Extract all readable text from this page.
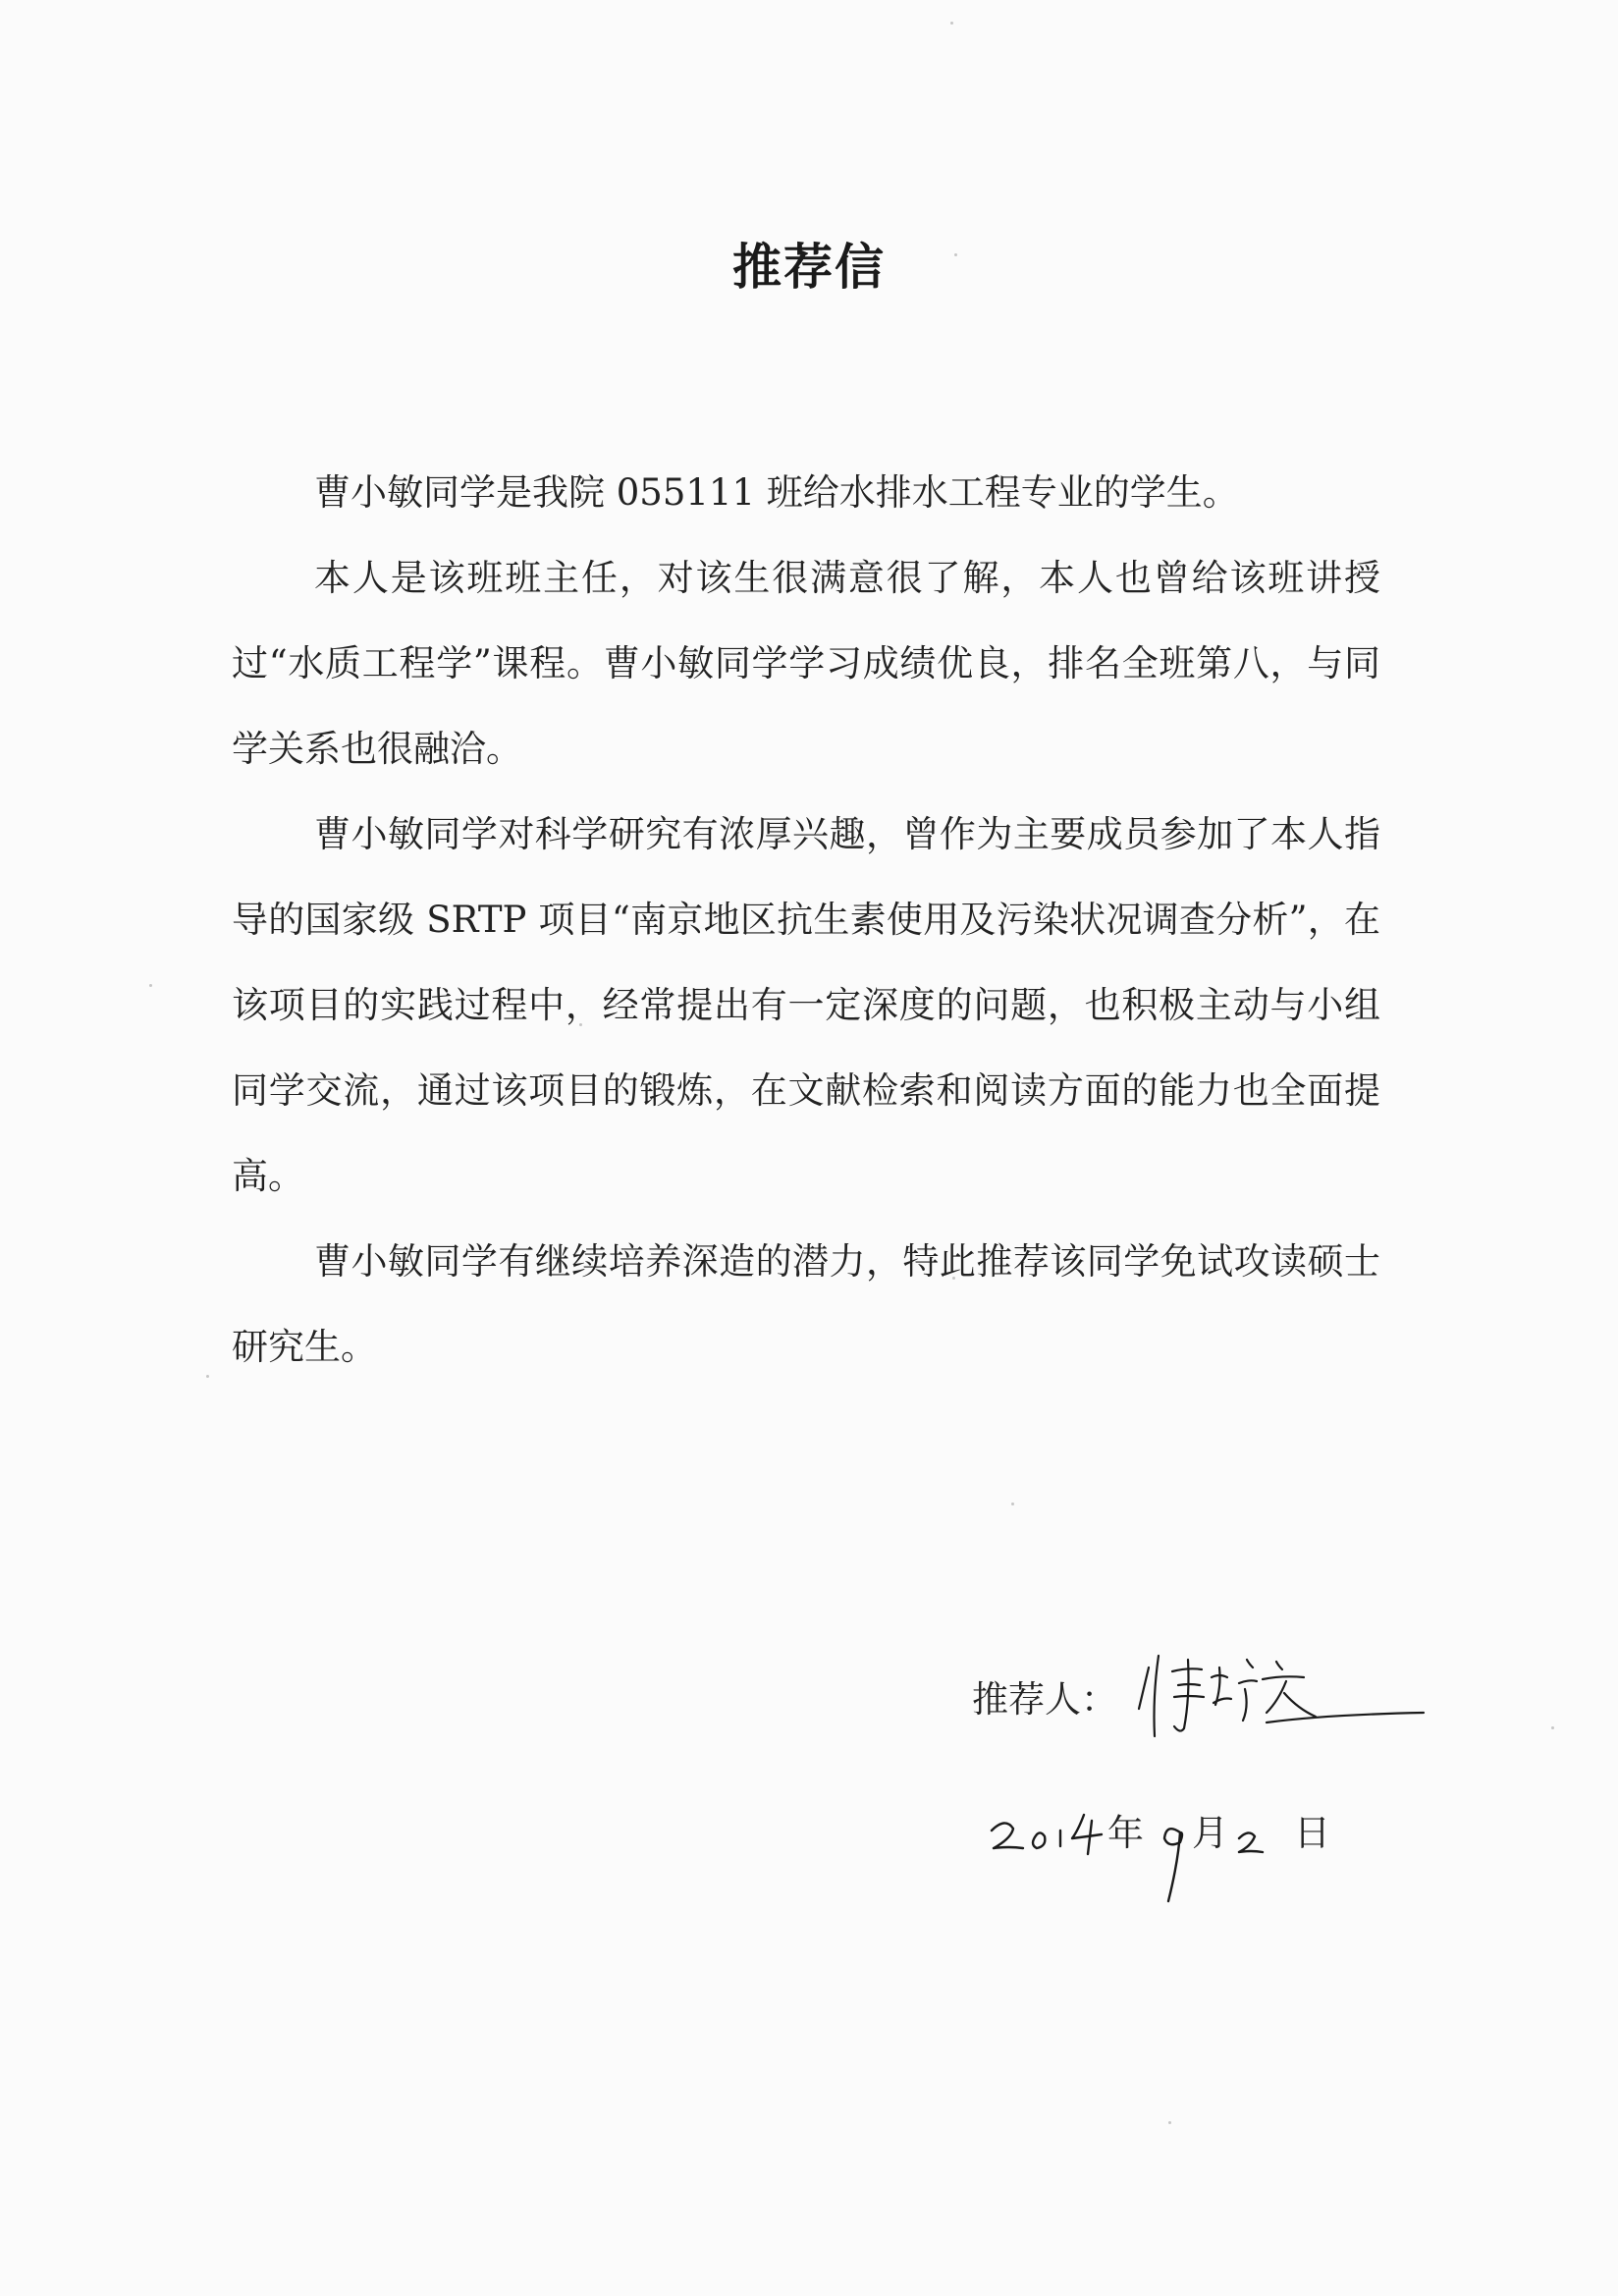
推荐信

曹小敏同学是我院 055111 班给水排水工程专业的学生。

本人是该班班主任，对该生很满意很了解，本人也曾给该班讲授过“水质工程学”课程。曹小敏同学学习成绩优良，排名全班第八，与同学关系也很融洽。

曹小敏同学对科学研究有浓厚兴趣，曾作为主要成员参加了本人指导的国家级 SRTP 项目“南京地区抗生素使用及污染状况调查分析”，在该项目的实践过程中，经常提出有一定深度的问题，也积极主动与小组同学交流，通过该项目的锻炼，在文献检索和阅读方面的能力也全面提高。

曹小敏同学有继续培养深造的潜力，特此推荐该同学免试攻读硕士研究生。

推荐人：
年 月 日
